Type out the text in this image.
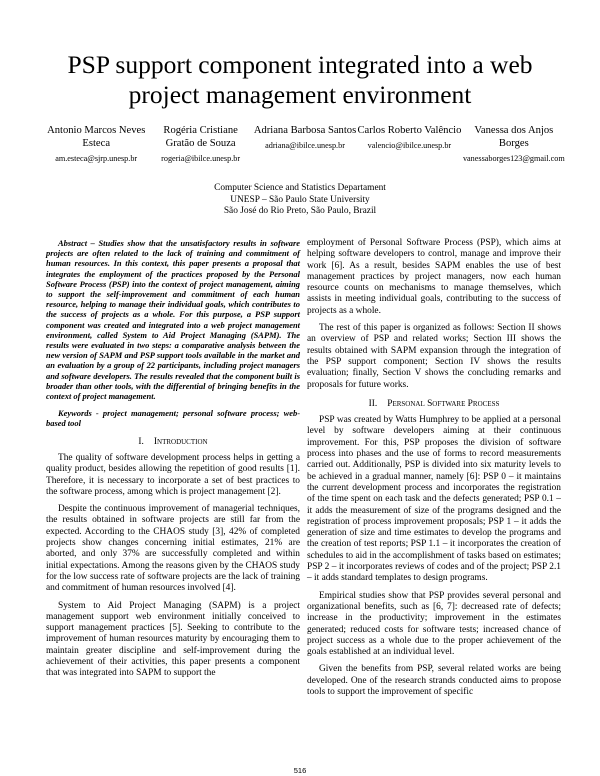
PSP support component integrated into a web project management environment
Antonio Marcos Neves Esteca
am.esteca@sjrp.unesp.br
Rogéria Cristiane Gratão de Souza
rogeria@ibilce.unesp.br
Adriana Barbosa Santos
adriana@ibilce.unesp.br
Carlos Roberto Valêncio
valencio@ibilce.unesp.br
Vanessa dos Anjos Borges
vanessaborges123@gmail.com
Computer Science and Statistics Departament
UNESP – São Paulo State University
São José do Rio Preto, São Paulo, Brazil

Abstract – Studies show that the unsatisfactory results in software projects are often related to the lack of training and commitment of human resources. In this context, this paper presents a proposal that integrates the employment of the practices proposed by the Personal Software Process (PSP) into the context of project management, aiming to support the self-improvement and commitment of each human resource, helping to manage their individual goals, which contributes to the success of projects as a whole. For this purpose, a PSP support component was created and integrated into a web project management environment, called System to Aid Project Managing (SAPM). The results were evaluated in two steps: a comparative analysis between the new version of SAPM and PSP support tools available in the market and an evaluation by a group of 22 participants, including project managers and software developers. The results revealed that the component built is broader than other tools, with the differential of bringing benefits in the context of project management.

Keywords - project management; personal software process; web-based tool

I. Introduction

The quality of software development process helps in getting a quality product, besides allowing the repetition of good results [1]. Therefore, it is necessary to incorporate a set of best practices to the software process, among which is project management [2].

Despite the continuous improvement of managerial techniques, the results obtained in software projects are still far from the expected. According to the CHAOS study [3], 42% of completed projects show changes concerning initial estimates, 21% are aborted, and only 37% are successfully completed and within initial expectations. Among the reasons given by the CHAOS study for the low success rate of software projects are the lack of training and commitment of human resources involved [4].

System to Aid Project Managing (SAPM) is a project management support web environment initially conceived to support management practices [5]. Seeking to contribute to the improvement of human resources maturity by encouraging them to maintain greater discipline and self-improvement during the achievement of their activities, this paper presents a component that was integrated into SAPM to support the

employment of Personal Software Process (PSP), which aims at helping software developers to control, manage and improve their work [6]. As a result, besides SAPM enables the use of best management practices by project managers, now each human resource counts on mechanisms to manage themselves, which assists in meeting individual goals, contributing to the success of projects as a whole.

The rest of this paper is organized as follows: Section II shows an overview of PSP and related works; Section III shows the results obtained with SAPM expansion through the integration of the PSP support component; Section IV shows the results evaluation; finally, Section V shows the concluding remarks and proposals for future works.

II. Personal Software Process

PSP was created by Watts Humphrey to be applied at a personal level by software developers aiming at their continuous improvement. For this, PSP proposes the division of software process into phases and the use of forms to record measurements carried out. Additionally, PSP is divided into six maturity levels to be achieved in a gradual manner, namely [6]: PSP 0 – it maintains the current development process and incorporates the registration of the time spent on each task and the defects generated; PSP 0.1 – it adds the measurement of size of the programs designed and the registration of process improvement proposals; PSP 1 – it adds the generation of size and time estimates to develop the programs and the creation of test reports; PSP 1.1 – it incorporates the creation of schedules to aid in the accomplishment of tasks based on estimates; PSP 2 – it incorporates reviews of codes and of the project; PSP 2.1 – it adds standard templates to design programs.

Empirical studies show that PSP provides several personal and organizational benefits, such as [6, 7]: decreased rate of defects; increase in the productivity; improvement in the estimates generated; reduced costs for software tests; increased chance of project success as a whole due to the proper achievement of the goals established at an individual level.

Given the benefits from PSP, several related works are being developed. One of the research strands conducted aims to propose tools to support the improvement of specific

516
